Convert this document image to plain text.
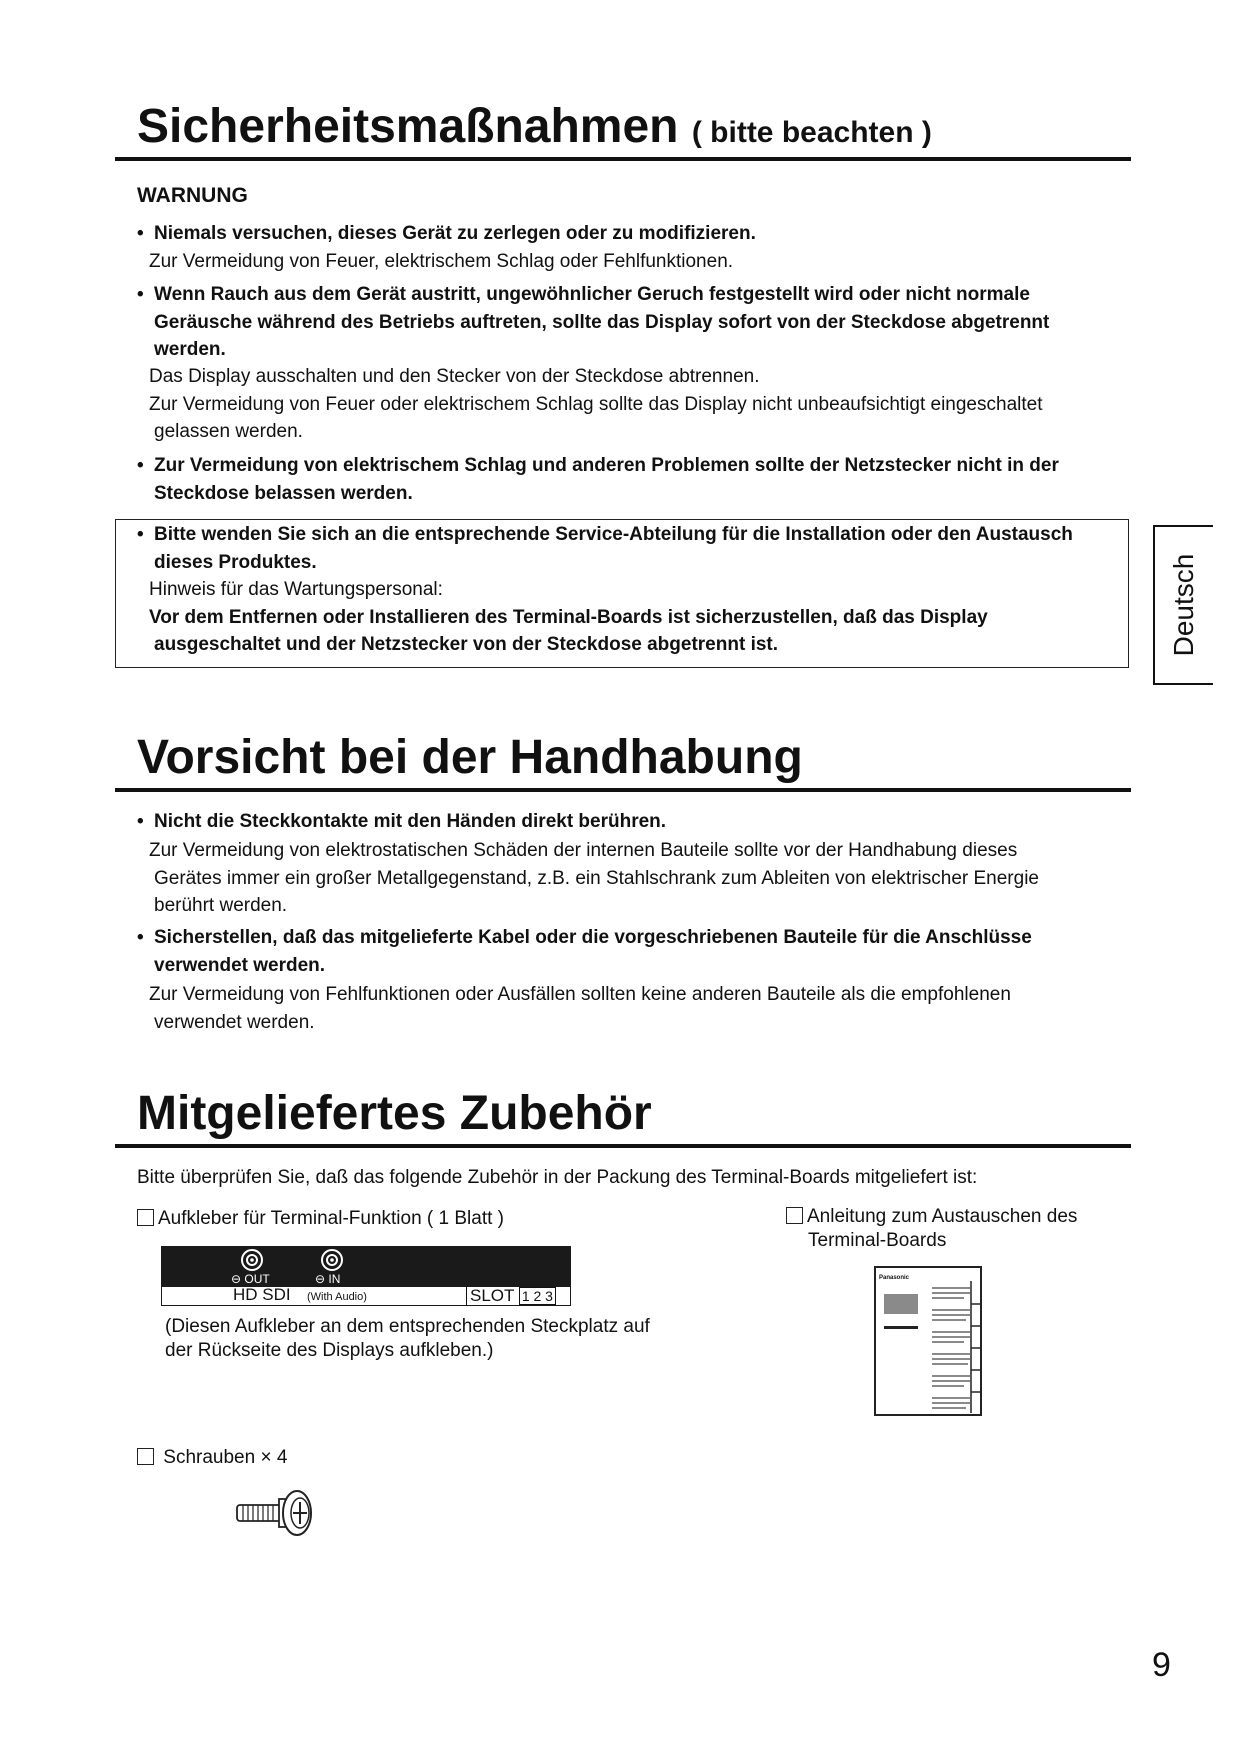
Sicherheitsmaßnahmen ( bitte beachten )
WARNUNG
• Niemals versuchen, dieses Gerät zu zerlegen oder zu modifizieren.
Zur Vermeidung von Feuer, elektrischem Schlag oder Fehlfunktionen.
• Wenn Rauch aus dem Gerät austritt, ungewöhnlicher Geruch festgestellt wird oder nicht normale
Geräusche während des Betriebs auftreten, sollte das Display sofort von der Steckdose abgetrennt
werden.
Das Display ausschalten und den Stecker von der Steckdose abtrennen.
Zur Vermeidung von Feuer oder elektrischem Schlag sollte das Display nicht unbeaufsichtigt eingeschaltet
gelassen werden.
• Zur Vermeidung von elektrischem Schlag und anderen Problemen sollte der Netzstecker nicht in der
Steckdose belassen werden.
• Bitte wenden Sie sich an die entsprechende Service-Abteilung für die Installation oder den Austausch
dieses Produktes.
Hinweis für das Wartungspersonal:
Vor dem Entfernen oder Installieren des Terminal-Boards ist sicherzustellen, daß das Display
ausgeschaltet und der Netzstecker von der Steckdose abgetrennt ist.	Deutsch
Vorsicht bei der Handhabung
• Nicht die Steckkontakte mit den Händen direkt berühren.
Zur Vermeidung von elektrostatischen Schäden der internen Bauteile sollte vor der Handhabung dieses
Gerätes immer ein großer Metallgegenstand, z.B. ein Stahlschrank zum Ableiten von elektrischer Energie
berührt werden.
• Sicherstellen, daß das mitgelieferte Kabel oder die vorgeschriebenen Bauteile für die Anschlüsse
verwendet werden.
Zur Vermeidung von Fehlfunktionen oder Ausfällen sollten keine anderen Bauteile als die empfohlenen
verwendet werden.
Mitgeliefertes Zubehör
Bitte überprüfen Sie, daß das folgende Zubehör in der Packung des Terminal-Boards mitgeliefert ist:
Aufkleber für Terminal-Funktion ( 1 Blatt )
⊖ OUT	⊖ IN
HD SDI (With Audio)	SLOT 1 2 3
(Diesen Aufkleber an dem entsprechenden Steckplatz auf
der Rückseite des Displays aufkleben.)
Anleitung zum Austauschen des
Terminal-Boards
Panasonic
Schrauben × 4
9
